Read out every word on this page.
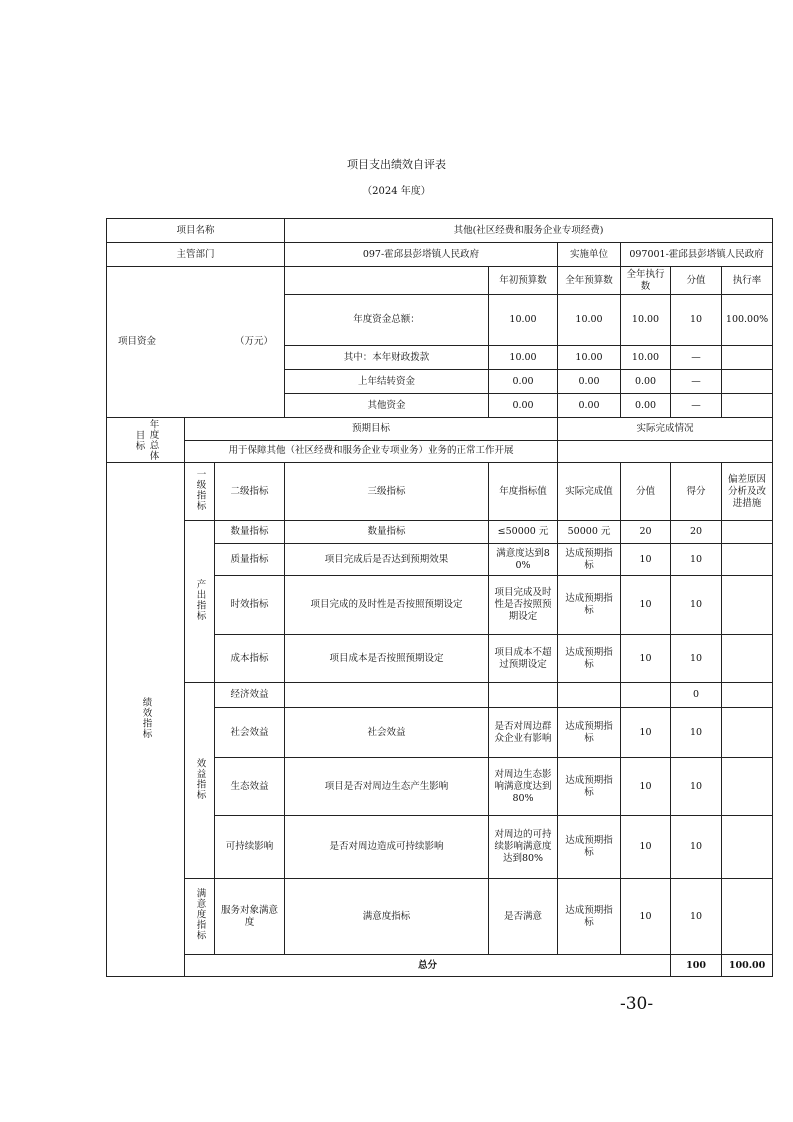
项目支出绩效自评表
（2024 年度）
项目名称			其他(社区经费和服务企业专项经费)						
主管部门			097-霍邱县彭塔镇人民政府		实施单位	097001-霍邱县彭塔镇人民政府			

项目资金 （万元）				年初预算数	全年预算数	全年执行数	分值	执行率	
			年度资金总额：	10.00	10.00	10.00	10	100.00%	
			其中：本年财政拨款	10.00	10.00	10.00	—		
			上年结转资金	0.00	0.00	0.00	—		
			其他资金	0.00	0.00	0.00	—		

目标 年度总体	预期目标				实际完成情况				
	用于保障其他（社区经费和服务企业专项业务）业务的正常工作开展								
绩效指标	一级指标	二级指标	三级指标	年度指标值	实际完成值	分值	得分	偏差原因分析及改进措施	
	产出指标	数量指标	数量指标	≤50000 元	50000 元	20	20		
		质量指标	项目完成后是否达到预期效果	满意度达到80%	达成预期指标	10	10		
		时效指标	项目完成的及时性是否按照预期设定	项目完成及时性是否按照预期设定	达成预期指标	10	10		
		成本指标	项目成本是否按照预期设定	项目成本不超过预期设定	达成预期指标	10	10		
	效益指标	经济效益					0		
		社会效益	社会效益	是否对周边群众企业有影响	达成预期指标	10	10		
		生态效益	项目是否对周边生态产生影响	对周边生态影响满意度达到80%	达成预期指标	10	10		
		可持续影响	是否对周边造成可持续影响	对周边的可持续影响满意度达到80%	达成预期指标	10	10		
	满意度指标	服务对象满意度	满意度指标	是否满意	达成预期指标	10	10		
	总分						100	100.00	
-30-
